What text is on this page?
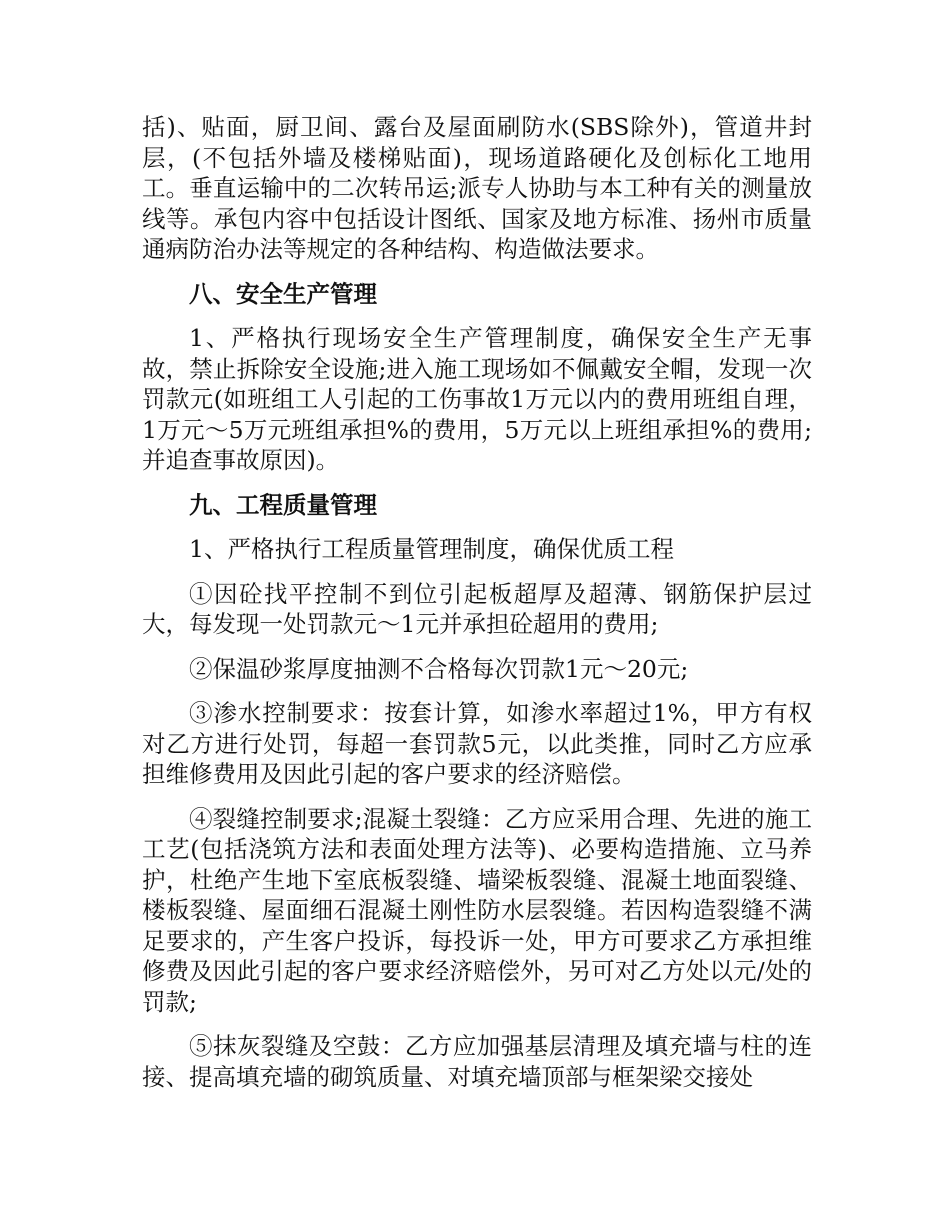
括)、贴面，厨卫间、露台及屋面刷防水(SBS除外)，管道井封层，(不包括外墙及楼梯贴面)，现场道路硬化及创标化工地用工。垂直运输中的二次转吊运;派专人协助与本工种有关的测量放线等。承包内容中包括设计图纸、国家及地方标准、扬州市质量通病防治办法等规定的各种结构、构造做法要求。

八、安全生产管理

1、严格执行现场安全生产管理制度，确保安全生产无事故，禁止拆除安全设施;进入施工现场如不佩戴安全帽，发现一次罚款元(如班组工人引起的工伤事故1万元以内的费用班组自理，1万元～5万元班组承担%的费用，5万元以上班组承担%的费用;并追查事故原因)。

九、工程质量管理

1、严格执行工程质量管理制度，确保优质工程

①因砼找平控制不到位引起板超厚及超薄、钢筋保护层过大，每发现一处罚款元～1元并承担砼超用的费用;

②保温砂浆厚度抽测不合格每次罚款1元～20元;

③渗水控制要求：按套计算，如渗水率超过1%，甲方有权对乙方进行处罚，每超一套罚款5元，以此类推，同时乙方应承担维修费用及因此引起的客户要求的经济赔偿。

④裂缝控制要求;混凝土裂缝：乙方应采用合理、先进的施工工艺(包括浇筑方法和表面处理方法等)、必要构造措施、立马养护，杜绝产生地下室底板裂缝、墙梁板裂缝、混凝土地面裂缝、楼板裂缝、屋面细石混凝土刚性防水层裂缝。若因构造裂缝不满足要求的，产生客户投诉，每投诉一处，甲方可要求乙方承担维修费及因此引起的客户要求经济赔偿外，另可对乙方处以元/处的罚款;

⑤抹灰裂缝及空鼓：乙方应加强基层清理及填充墙与柱的连接、提高填充墙的砌筑质量、对填充墙顶部与框架梁交接处
